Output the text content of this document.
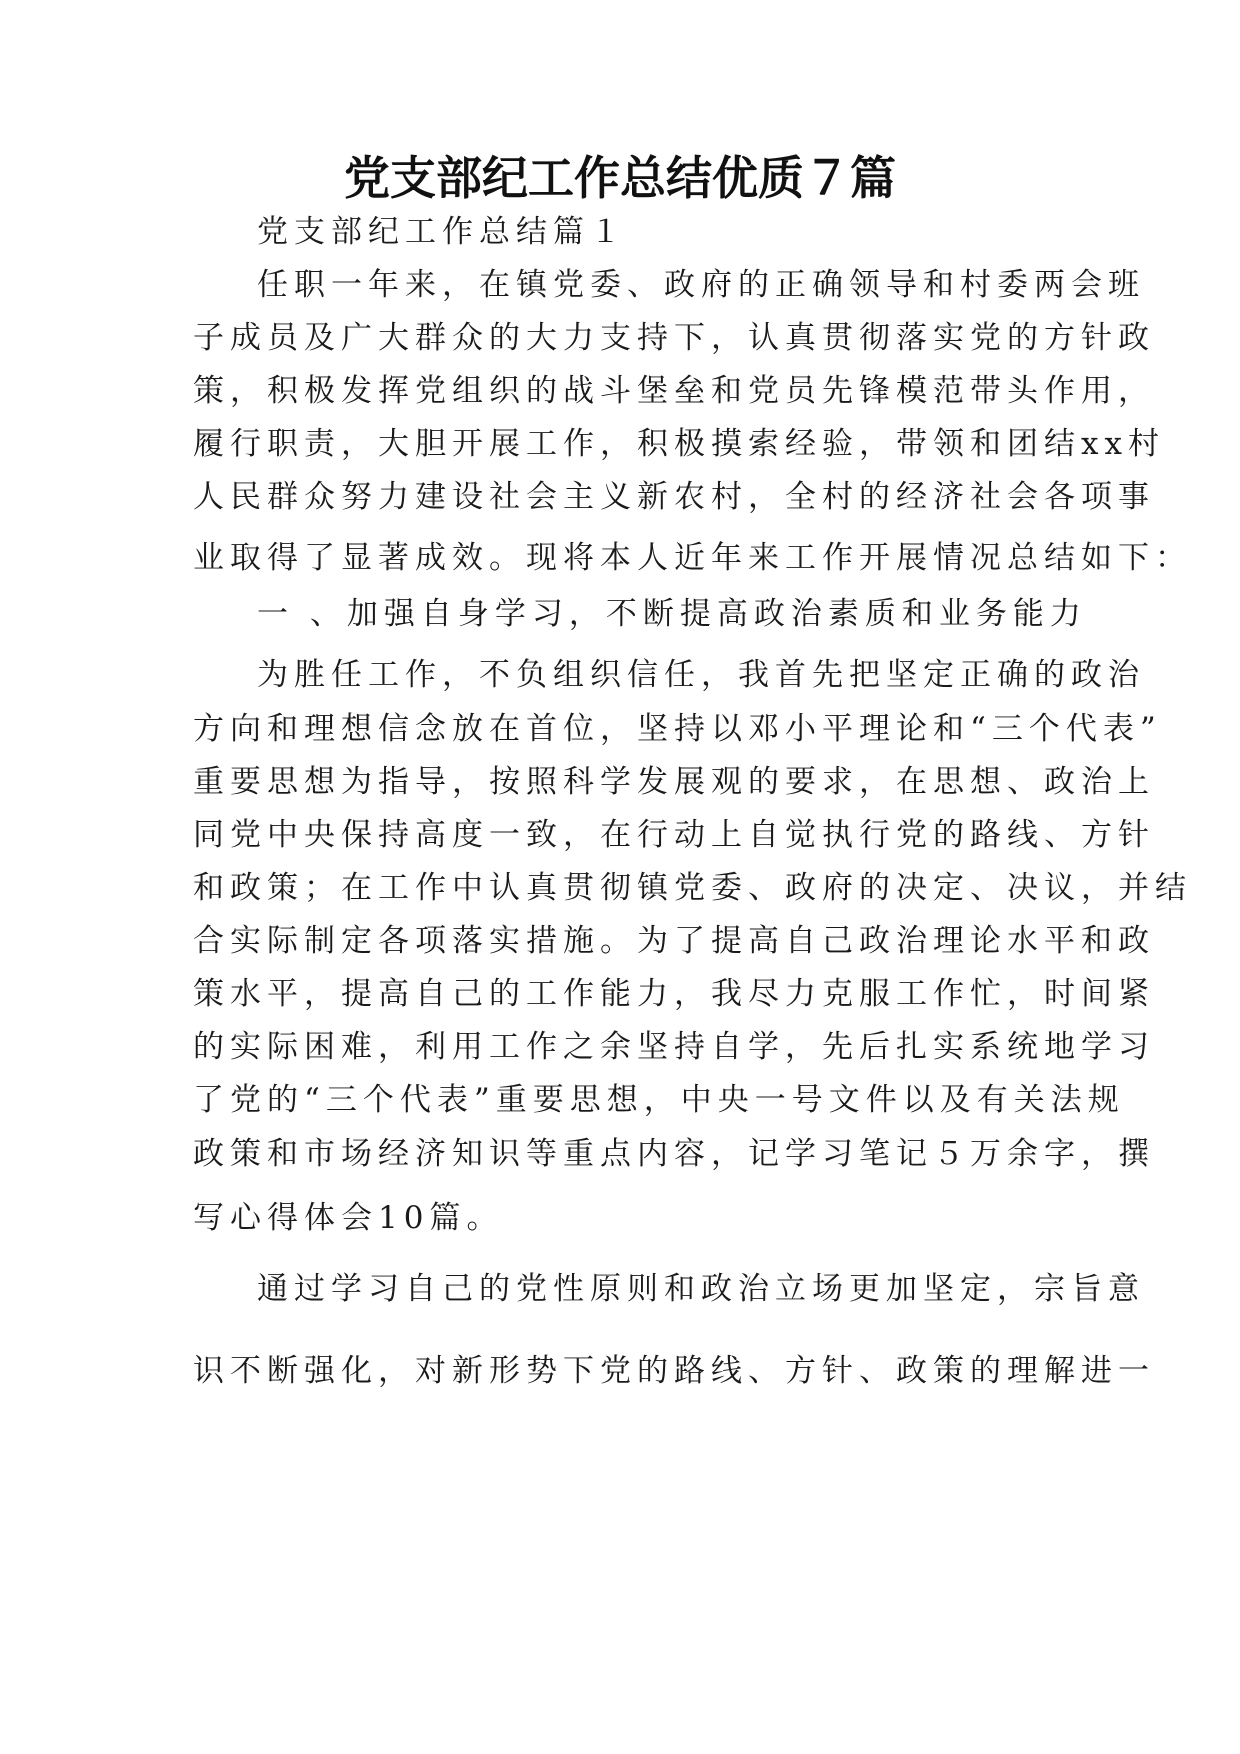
党支部纪工作总结优质７篇
党支部纪工作总结篇１
任职一年来，在镇党委、政府的正确领导和村委两会班
子成员及广大群众的大力支持下，认真贯彻落实党的方针政
策，积极发挥党组织的战斗堡垒和党员先锋模范带头作用，
履行职责，大胆开展工作，积极摸索经验，带领和团结xx村
人民群众努力建设社会主义新农村，全村的经济社会各项事
业取得了显著成效。现将本人近年来工作开展情况总结如下：
一 、加强自身学习，不断提高政治素质和业务能力
为胜任工作，不负组织信任，我首先把坚定正确的政治
方向和理想信念放在首位，坚持以邓小平理论和“三个代表”
重要思想为指导，按照科学发展观的要求，在思想、政治上
同党中央保持高度一致，在行动上自觉执行党的路线、方针
和政策；在工作中认真贯彻镇党委、政府的决定、决议，并结
合实际制定各项落实措施。为了提高自己政治理论水平和政
策水平，提高自己的工作能力，我尽力克服工作忙，时间紧
的实际困难，利用工作之余坚持自学，先后扎实系统地学习
了党的“三个代表”重要思想，中央一号文件以及有关法规
政策和市场经济知识等重点内容，记学习笔记５万余字，撰
写心得体会10篇。
通过学习自己的党性原则和政治立场更加坚定，宗旨意
识不断强化，对新形势下党的路线、方针、政策的理解进一
